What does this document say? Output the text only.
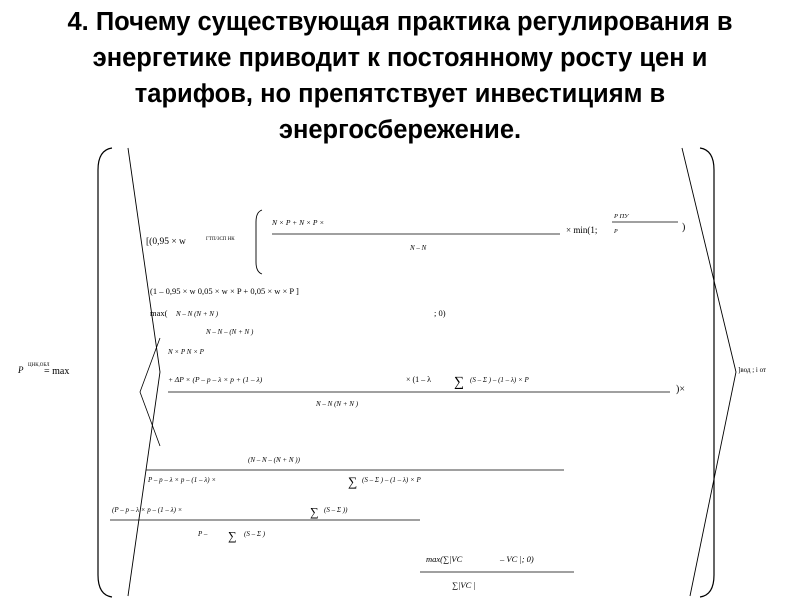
4. Почему существующая практика регулирования в
энергетике приводит к постоянному росту цен и
тарифов, но препятствует инвестициям в
энергосбережение.
P ЦНК,ОБЛ
= max
[(0,95 × w	ГТП/ЗСП НК
N × P + N × P ×
N – N
× min(1;
P ПУ
P	)
(1 – 0,95 × w 0,05 × w × P + 0,05 × w × P ]
max( N – N (N + N )	; 0)
N – N – (N + N )
N × P N × P
+ ΔP × (P – p – λ × p + (1 – λ)	× (1 – λ ∑ (S – Σ ) – (1 – λ) × P
N – N (N + N )
)×
]вод ; i от
(N – N – (N + N ))
P – p – λ × p – (1 – λ) ×	∑ (S – Σ ) – (1 – λ) × P
(P – p – λ × p – (1 – λ) ×	∑ (S – Σ ))
P – ∑ (S – Σ )
max(∑|VC	– VC |; 0)
∑|VC |
